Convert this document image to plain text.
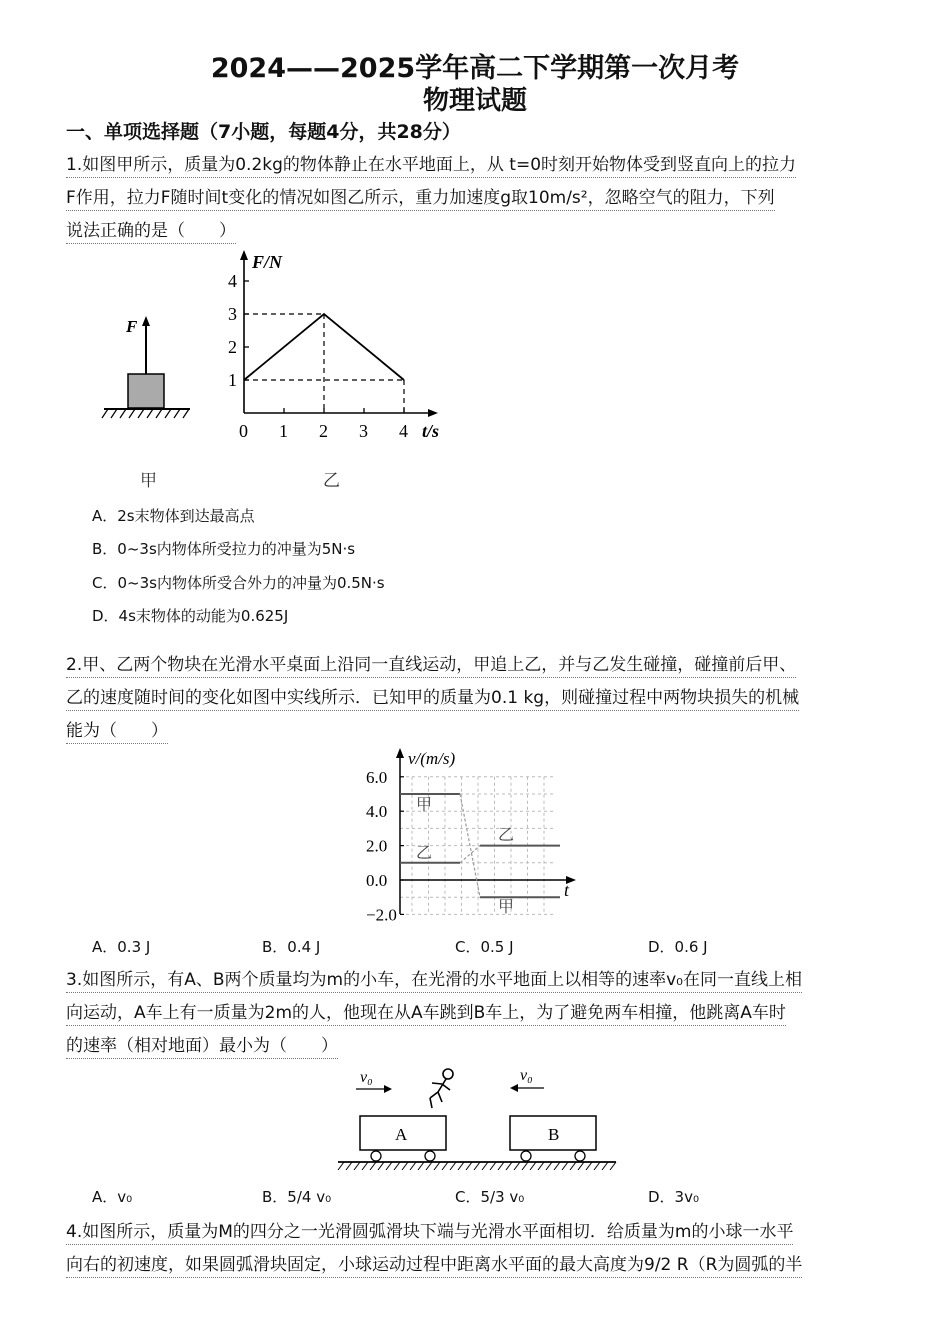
2024——2025学年高二下学期第一次月考
物理试题
一、单项选择题（7小题，每题4分，共28分）
1.如图甲所示，质量为0.2kg的物体静止在水平地面上，从 t=0时刻开始物体受到竖直向上的拉力
F作用，拉力F随时间t变化的情况如图乙所示，重力加速度g取10m/s²，忽略空气的阻力，下列
说法正确的是（　　）
F
甲
F/N
t/s
0 1 2 3 4
1
2
3
4
乙
A．2s末物体到达最高点
B．0~3s内物体所受拉力的冲量为5N·s
C．0~3s内物体所受合外力的冲量为0.5N·s
D．4s末物体的动能为0.625J
2.甲、乙两个物块在光滑水平桌面上沿同一直线运动，甲追上乙，并与乙发生碰撞，碰撞前后甲、
乙的速度随时间的变化如图中实线所示．已知甲的质量为0.1 kg，则碰撞过程中两物块损失的机械
能为（　　）
v/(m/s)
t
6.0
4.0
2.0
0.0
−2.0
甲
乙
乙
甲
A．0.3 J	B．0.4 J	C．0.5 J	D．0.6 J
3.如图所示，有A、B两个质量均为m的小车，在光滑的水平地面上以相等的速率v₀在同一直线上相
向运动，A车上有一质量为2m的人，他现在从A车跳到B车上，为了避免两车相撞，他跳离A车时
的速率（相对地面）最小为（　　）
v₀	v₀
A	B
A．v₀	B．5/4 v₀	C．5/3 v₀	D．3v₀
4.如图所示，质量为M的四分之一光滑圆弧滑块下端与光滑水平面相切．给质量为m的小球一水平
向右的初速度，如果圆弧滑块固定，小球运动过程中距离水平面的最大高度为9/2 R（R为圆弧的半
